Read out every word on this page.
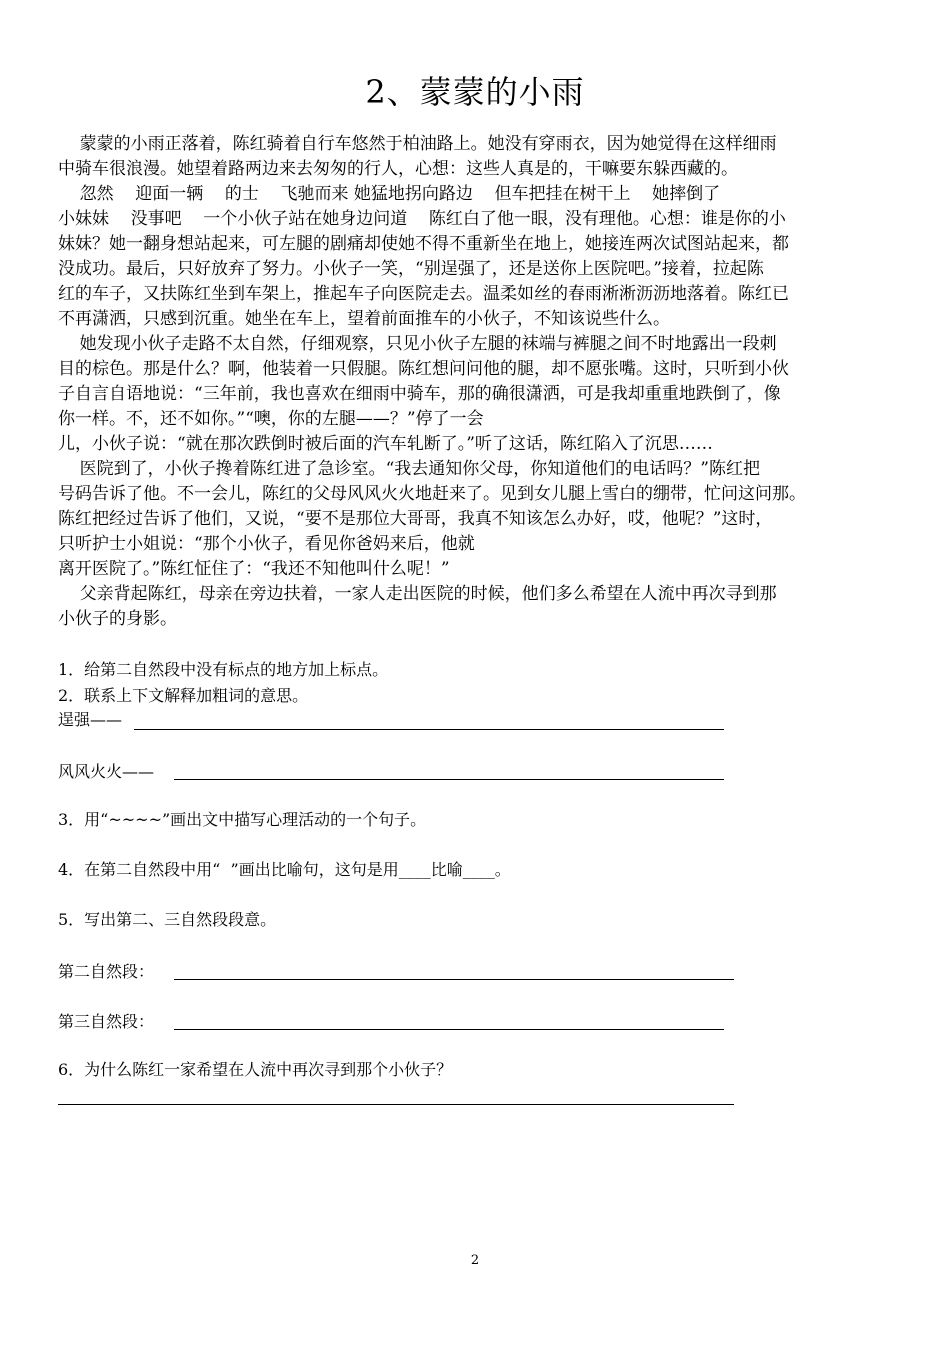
2、蒙蒙的小雨
蒙蒙的小雨正落着，陈红骑着自行车悠然于柏油路上。她没有穿雨衣，因为她觉得在这样细雨
中骑车很浪漫。她望着路两边来去匆匆的行人，心想：这些人真是的，干嘛要东躲西藏的。
忽然    迎面一辆    的士    飞驰而来 她猛地拐向路边    但车把挂在树干上    她摔倒了
小妹妹    没事吧    一个小伙子站在她身边问道    陈红白了他一眼，没有理他。心想：谁是你的小
妹妹？她一翻身想站起来，可左腿的剧痛却使她不得不重新坐在地上，她接连两次试图站起来，都
没成功。最后，只好放弃了努力。小伙子一笑，“别逞强了，还是送你上医院吧。”接着，拉起陈
红的车子，又扶陈红坐到车架上，推起车子向医院走去。温柔如丝的春雨淅淅沥沥地落着。陈红已
不再潇洒，只感到沉重。她坐在车上，望着前面推车的小伙子，不知该说些什么。
她发现小伙子走路不太自然，仔细观察，只见小伙子左腿的袜端与裤腿之间不时地露出一段刺
目的棕色。那是什么？啊，他装着一只假腿。陈红想问问他的腿，却不愿张嘴。这时，只听到小伙
子自言自语地说：“三年前，我也喜欢在细雨中骑车，那的确很潇洒，可是我却重重地跌倒了，像
你一样。不，还不如你。”“噢，你的左腿——？”停了一会
儿，小伙子说：“就在那次跌倒时被后面的汽车轧断了。”听了这话，陈红陷入了沉思……
医院到了，小伙子搀着陈红进了急诊室。“我去通知你父母，你知道他们的电话吗？”陈红把
号码告诉了他。不一会儿，陈红的父母风风火火地赶来了。见到女儿腿上雪白的绷带，忙问这问那。
陈红把经过告诉了他们，又说，“要不是那位大哥哥，我真不知该怎么办好，哎，他呢？”这时，
只听护士小姐说：“那个小伙子，看见你爸妈来后，他就
离开医院了。”陈红怔住了：“我还不知他叫什么呢！”
父亲背起陈红，母亲在旁边扶着，一家人走出医院的时候，他们多么希望在人流中再次寻到那
小伙子的身影。
1．给第二自然段中没有标点的地方加上标点。
2．联系上下文解释加粗词的意思。
逞强——
风风火火——
3．用“~~~~”画出文中描写心理活动的一个句子。
4．在第二自然段中用“  ”画出比喻句，这句是用____比喻____。
5．写出第二、三自然段段意。
第二自然段：
第三自然段：
6．为什么陈红一家希望在人流中再次寻到那个小伙子？
2
